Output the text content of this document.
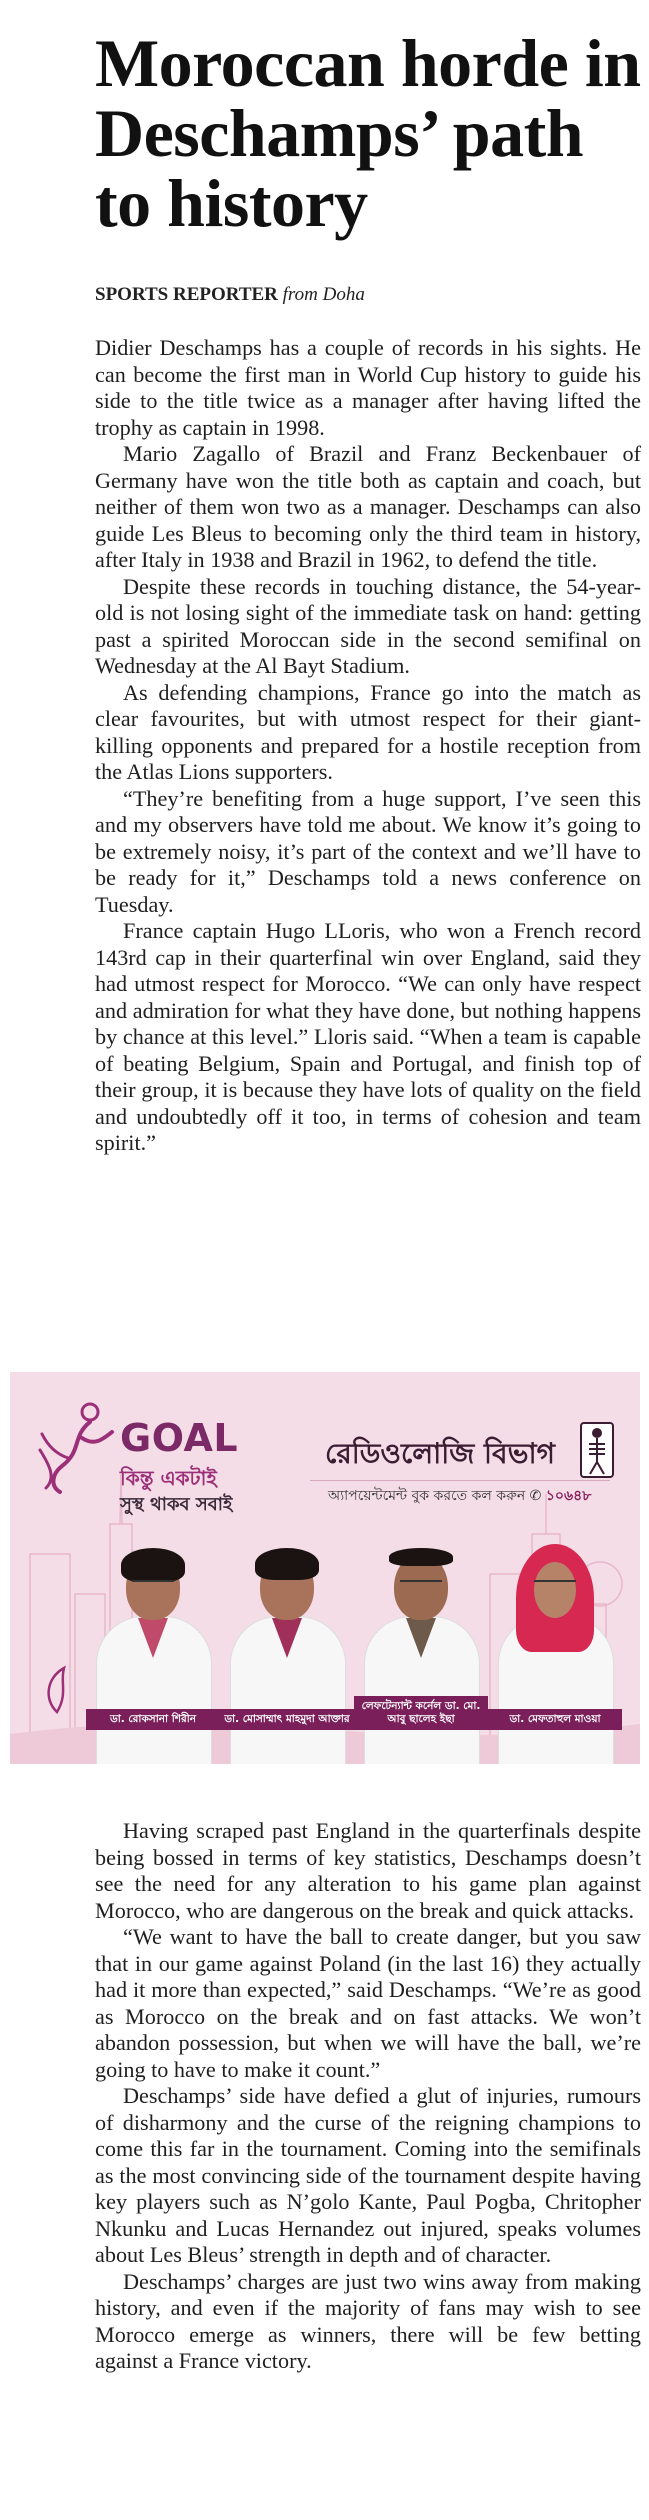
Moroccan horde in Deschamps’ path to history
SPORTS REPORTER from Doha

Didier Deschamps has a couple of records in his sights. He can become the first man in World Cup history to guide his side to the title twice as a manager after having lifted the trophy as captain in 1998.

Mario Zagallo of Brazil and Franz Beckenbauer of Germany have won the title both as captain and coach, but neither of them won two as a manager. Deschamps can also guide Les Bleus to becoming only the third team in history, after Italy in 1938 and Brazil in 1962, to defend the title.

Despite these records in touching distance, the 54-year-old is not losing sight of the immediate task on hand: getting past a spirited Moroccan side in the second semifinal on Wednesday at the Al Bayt Stadium.

As defending champions, France go into the match as clear favourites, but with utmost respect for their giant-killing opponents and prepared for a hostile reception from the Atlas Lions supporters.

“They’re benefiting from a huge support, I’ve seen this and my observers have told me about. We know it’s going to be extremely noisy, it’s part of the context and we’ll have to be ready for it,” Deschamps told a news conference on Tuesday.

France captain Hugo LLoris, who won a French record 143rd cap in their quarterfinal win over England, said they had utmost respect for Morocco. “We can only have respect and admiration for what they have done, but nothing happens by chance at this level.” Lloris said. “When a team is capable of beating Belgium, Spain and Portugal, and finish top of their group, it is because they have lots of quality on the field and undoubtedly off it too, in terms of cohesion and team spirit.”

GOAL
কিন্তু একটাই
সুস্থ থাকব সবাই
রেডিওলোজি বিভাগ
অ্যাপয়েন্টমেন্ট বুক করতে কল করুন ✆ ১০৬৪৮
ডা. রোকসানা শিরীন	ডা. মোসাম্মাৎ মাহমুদা আক্তার
লেফটেন্যান্ট কর্নেল ডা. মো. আবু ছালেহ ইছা	ডা. মেফতাহুল মাওয়া

Having scraped past England in the quarterfinals despite being bossed in terms of key statistics, Deschamps doesn’t see the need for any alteration to his game plan against Morocco, who are dangerous on the break and quick attacks.

“We want to have the ball to create danger, but you saw that in our game against Poland (in the last 16) they actually had it more than expected,” said Deschamps. “We’re as good as Morocco on the break and on fast attacks. We won’t abandon possession, but when we will have the ball, we’re going to have to make it count.”

Deschamps’ side have defied a glut of injuries, rumours of disharmony and the curse of the reigning champions to come this far in the tournament. Coming into the semifinals as the most convincing side of the tournament despite having key players such as N’golo Kante, Paul Pogba, Chritopher Nkunku and Lucas Hernandez out injured, speaks volumes about Les Bleus’ strength in depth and of character.

Deschamps’ charges are just two wins away from making history, and even if the majority of fans may wish to see Morocco emerge as winners, there will be few betting against a France victory.
